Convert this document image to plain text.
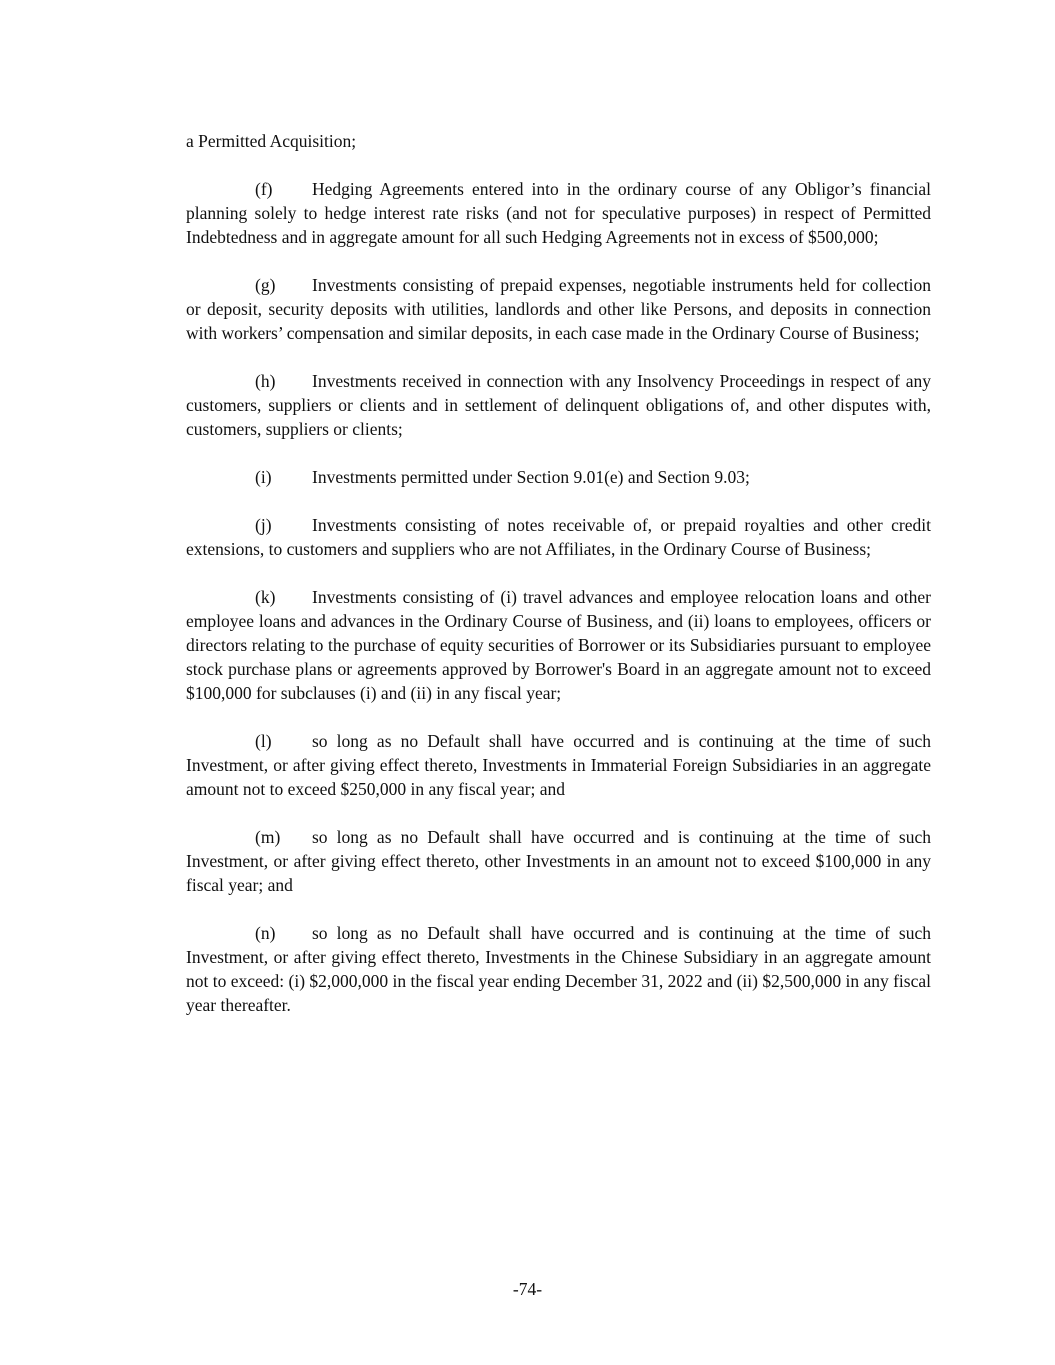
a Permitted Acquisition;

(f) Hedging Agreements entered into in the ordinary course of any Obligor’s financial planning solely to hedge interest rate risks (and not for speculative purposes) in respect of Permitted Indebtedness and in aggregate amount for all such Hedging Agreements not in excess of $500,000;

(g) Investments consisting of prepaid expenses, negotiable instruments held for collection or deposit, security deposits with utilities, landlords and other like Persons, and deposits in connection with workers’ compensation and similar deposits, in each case made in the Ordinary Course of Business;

(h) Investments received in connection with any Insolvency Proceedings in respect of any customers, suppliers or clients and in settlement of delinquent obligations of, and other disputes with, customers, suppliers or clients;

(i) Investments permitted under Section 9.01(e) and Section 9.03;

(j) Investments consisting of notes receivable of, or prepaid royalties and other credit extensions, to customers and suppliers who are not Affiliates, in the Ordinary Course of Business;

(k) Investments consisting of (i) travel advances and employee relocation loans and other employee loans and advances in the Ordinary Course of Business, and (ii) loans to employees, officers or directors relating to the purchase of equity securities of Borrower or its Subsidiaries pursuant to employee stock purchase plans or agreements approved by Borrower's Board in an aggregate amount not to exceed $100,000 for subclauses (i) and (ii) in any fiscal year;

(l) so long as no Default shall have occurred and is continuing at the time of such Investment, or after giving effect thereto, Investments in Immaterial Foreign Subsidiaries in an aggregate amount not to exceed $250,000 in any fiscal year; and

(m) so long as no Default shall have occurred and is continuing at the time of such Investment, or after giving effect thereto, other Investments in an amount not to exceed $100,000 in any fiscal year; and

(n) so long as no Default shall have occurred and is continuing at the time of such Investment, or after giving effect thereto, Investments in the Chinese Subsidiary in an aggregate amount not to exceed: (i) $2,000,000 in the fiscal year ending December 31, 2022 and (ii) $2,500,000 in any fiscal year thereafter.

-74-
